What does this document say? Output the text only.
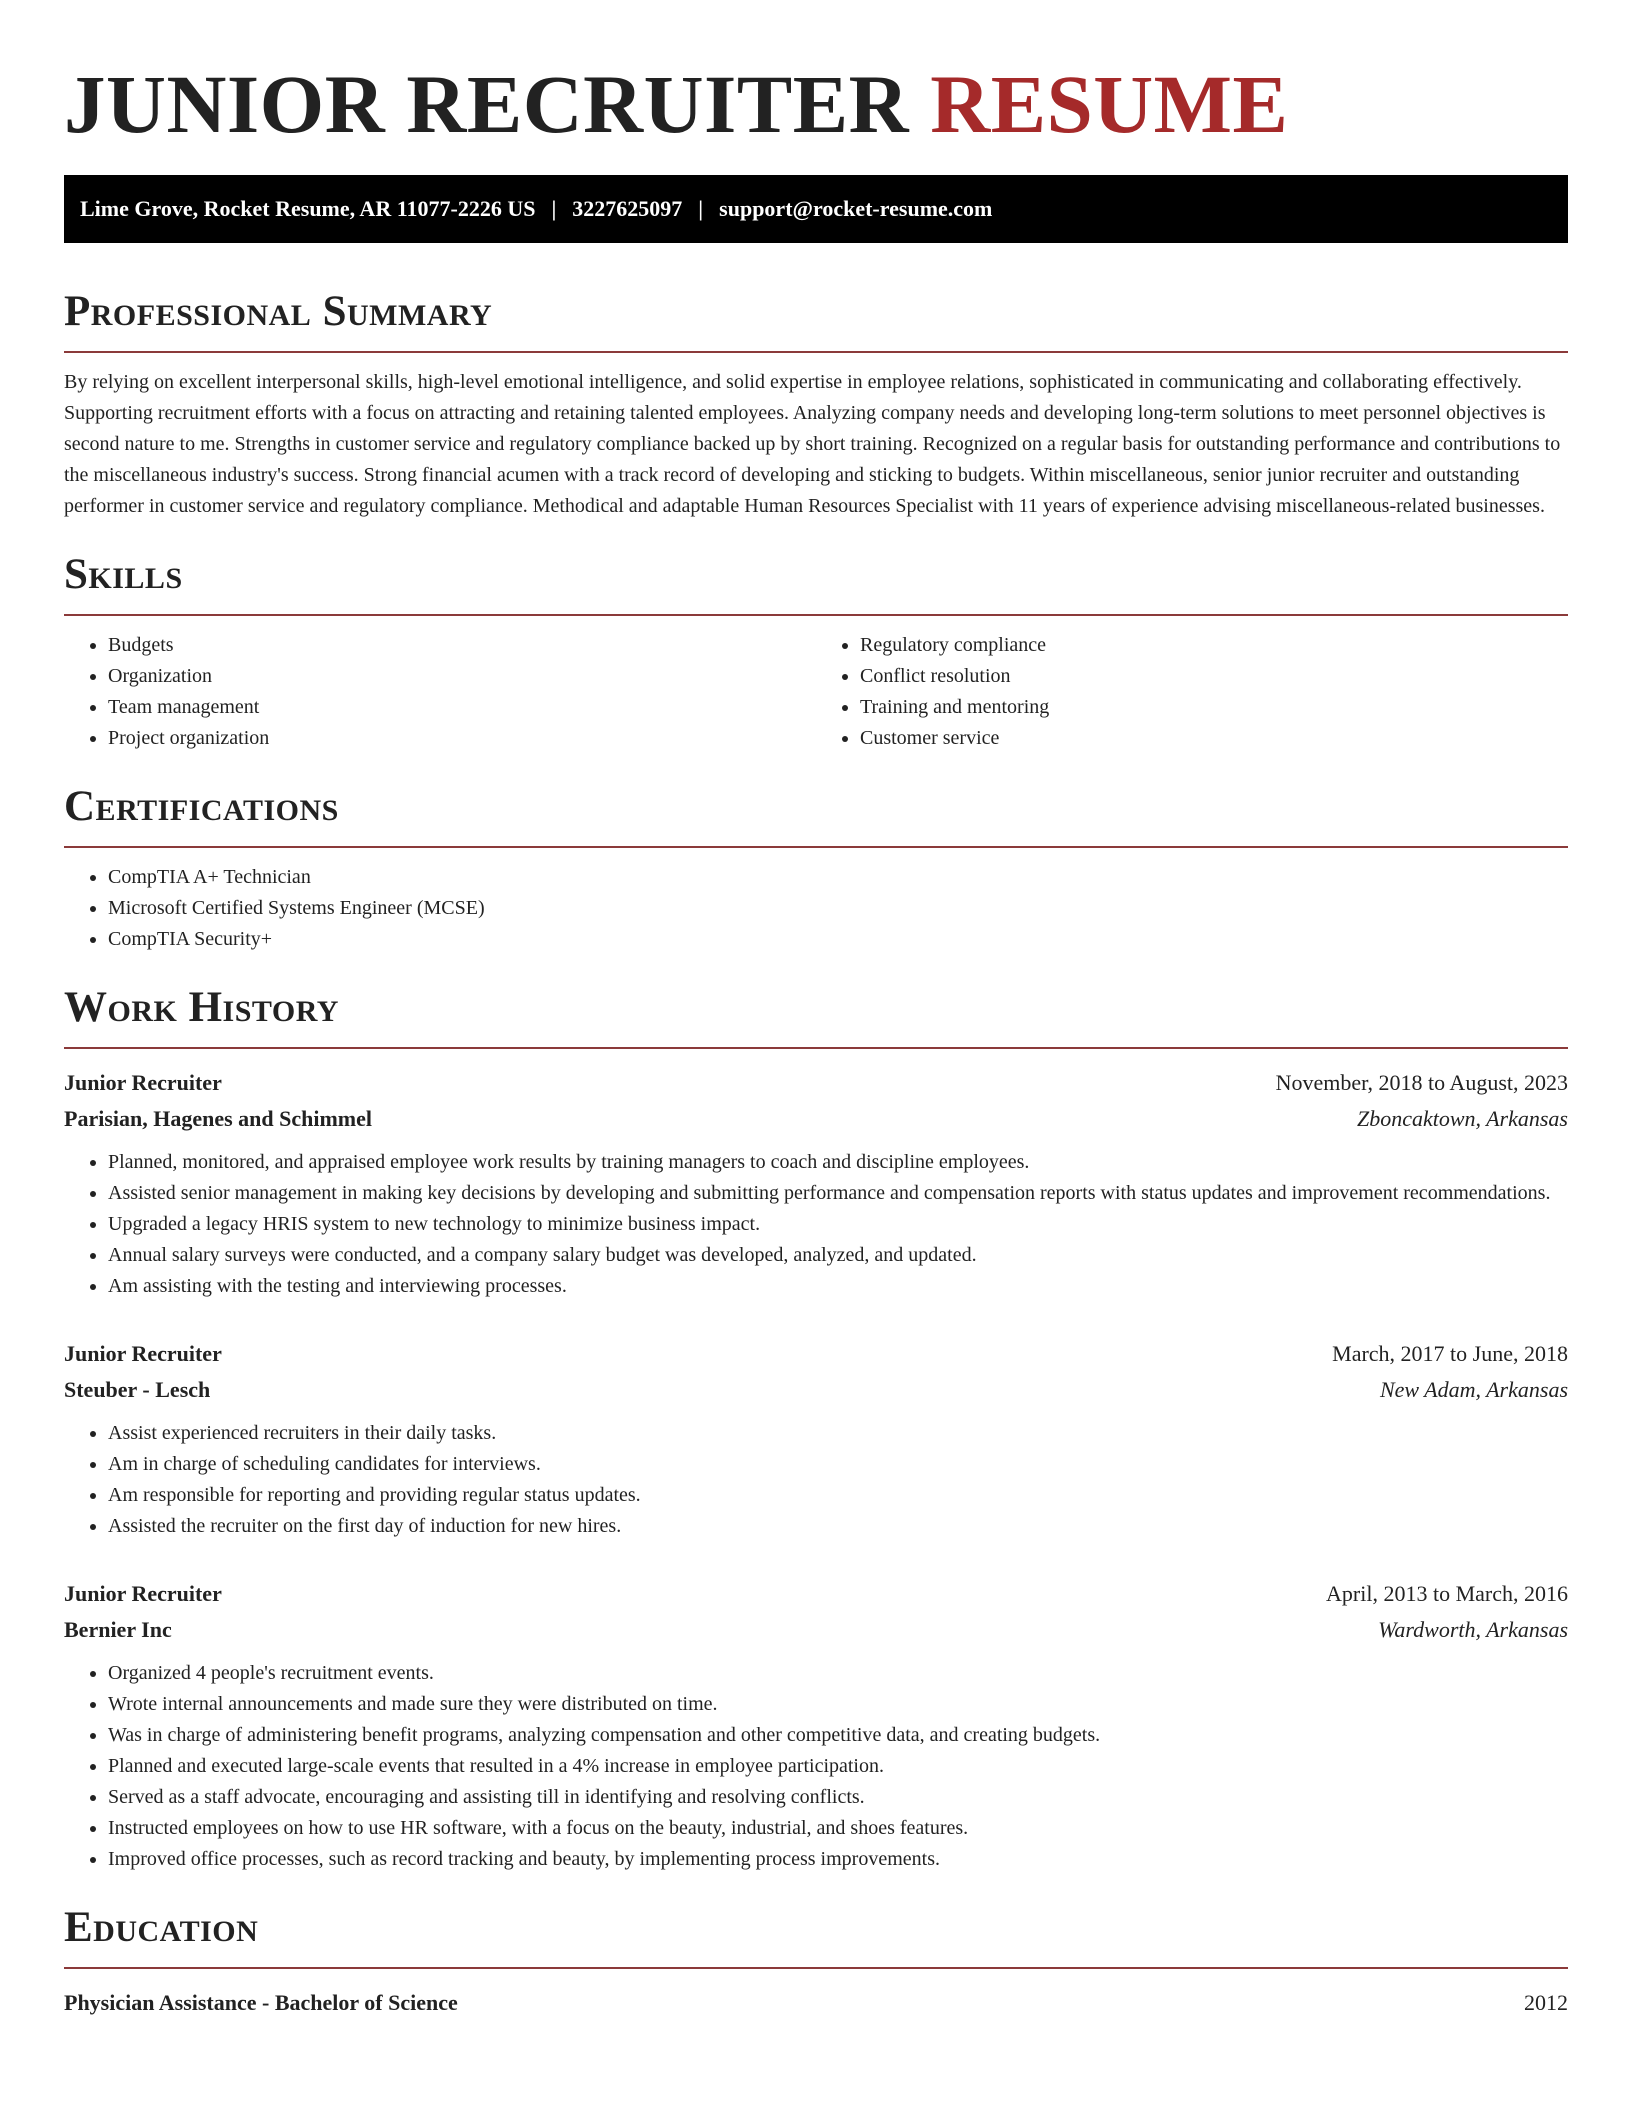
JUNIOR RECRUITER RESUME
Lime Grove, Rocket Resume, AR 11077-2226 US | 3227625097 | support@rocket-resume.com
Professional Summary

By relying on excellent interpersonal skills, high-level emotional intelligence, and solid expertise in employee relations, sophisticated in communicating and collaborating effectively. Supporting recruitment efforts with a focus on attracting and retaining talented employees. Analyzing company needs and developing long-term solutions to meet personnel objectives is second nature to me. Strengths in customer service and regulatory compliance backed up by short training. Recognized on a regular basis for outstanding performance and contributions to the miscellaneous industry's success. Strong financial acumen with a track record of developing and sticking to budgets. Within miscellaneous, senior junior recruiter and outstanding performer in customer service and regulatory compliance. Methodical and adaptable Human Resources Specialist with 11 years of experience advising miscellaneous-related businesses.

Skills
• Budgets
• Organization
• Team management
• Project organization
• Regulatory compliance
• Conflict resolution
• Training and mentoring
• Customer service
Certifications
• CompTIA A+ Technician
• Microsoft Certified Systems Engineer (MCSE)
• CompTIA Security+
Work History
Junior Recruiter	November, 2018 to August, 2023
Parisian, Hagenes and Schimmel	Zboncaktown, Arkansas
• Planned, monitored, and appraised employee work results by training managers to coach and discipline employees.
• Assisted senior management in making key decisions by developing and submitting performance and compensation reports with status updates and improvement recommendations.
• Upgraded a legacy HRIS system to new technology to minimize business impact.
• Annual salary surveys were conducted, and a company salary budget was developed, analyzed, and updated.
• Am assisting with the testing and interviewing processes.
Junior Recruiter	March, 2017 to June, 2018
Steuber - Lesch	New Adam, Arkansas
• Assist experienced recruiters in their daily tasks.
• Am in charge of scheduling candidates for interviews.
• Am responsible for reporting and providing regular status updates.
• Assisted the recruiter on the first day of induction for new hires.
Junior Recruiter	April, 2013 to March, 2016
Bernier Inc	Wardworth, Arkansas
• Organized 4 people's recruitment events.
• Wrote internal announcements and made sure they were distributed on time.
• Was in charge of administering benefit programs, analyzing compensation and other competitive data, and creating budgets.
• Planned and executed large-scale events that resulted in a 4% increase in employee participation.
• Served as a staff advocate, encouraging and assisting till in identifying and resolving conflicts.
• Instructed employees on how to use HR software, with a focus on the beauty, industrial, and shoes features.
• Improved office processes, such as record tracking and beauty, by implementing process improvements.
Education
Physician Assistance - Bachelor of Science	2012
